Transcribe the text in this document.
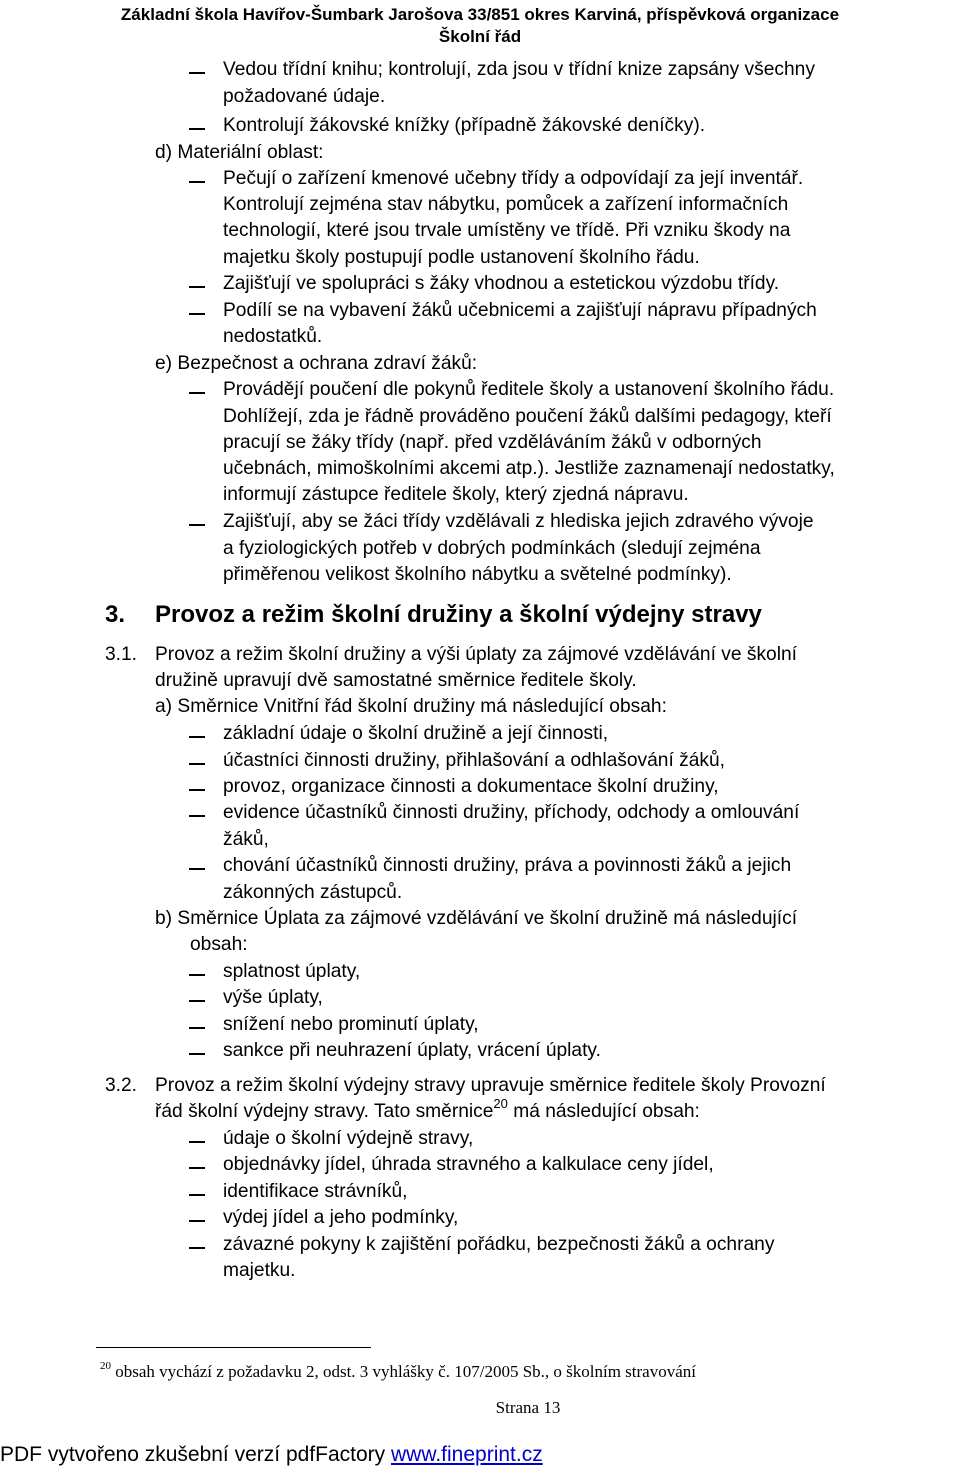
Základní škola Havířov-Šumbark Jarošova 33/851 okres Karviná, příspěvková organizace
Školní řád
Vedou třídní knihu; kontrolují, zda jsou v třídní knize zapsány všechny
požadované údaje.
Kontrolují žákovské knížky (případně žákovské deníčky).
d) Materiální oblast:
Pečují o zařízení kmenové učebny třídy a odpovídají za její inventář.
Kontrolují zejména stav nábytku, pomůcek a zařízení informačních
technologií, které jsou trvale umístěny ve třídě. Při vzniku škody na
majetku školy postupují podle ustanovení školního řádu.
Zajišťují ve spolupráci s žáky vhodnou a estetickou výzdobu třídy.
Podílí se na vybavení žáků učebnicemi a zajišťují nápravu případných
nedostatků.
e) Bezpečnost a ochrana zdraví žáků:
Provádějí poučení dle pokynů ředitele školy a ustanovení školního řádu.
Dohlížejí, zda je řádně prováděno poučení žáků dalšími pedagogy, kteří
pracují se žáky třídy (např. před vzděláváním žáků v odborných
učebnách, mimoškolními akcemi atp.). Jestliže zaznamenají nedostatky,
informují zástupce ředitele školy, který zjedná nápravu.
Zajišťují, aby se žáci třídy vzdělávali z hlediska jejich zdravého vývoje
a fyziologických potřeb v dobrých podmínkách (sledují zejména
přiměřenou velikost školního nábytku a světelné podmínky).
3. Provoz a režim školní družiny a školní výdejny stravy
3.1. Provoz a režim školní družiny a výši úplaty za zájmové vzdělávání ve školní
družině upravují dvě samostatné směrnice ředitele školy.
a) Směrnice Vnitřní řád školní družiny má následující obsah:
základní údaje o školní družině a její činnosti,
účastníci činnosti družiny, přihlašování a odhlašování žáků,
provoz, organizace činnosti a dokumentace školní družiny,
evidence účastníků činnosti družiny, příchody, odchody a omlouvání
žáků,
chování účastníků činnosti družiny, práva a povinnosti žáků a jejich
zákonných zástupců.
b) Směrnice Úplata za zájmové vzdělávání ve školní družině má následující
obsah:
splatnost úplaty,
výše úplaty,
snížení nebo prominutí úplaty,
sankce při neuhrazení úplaty, vrácení úplaty.
3.2. Provoz a režim školní výdejny stravy upravuje směrnice ředitele školy Provozní
řád školní výdejny stravy. Tato směrnice$^{20}$ má následující obsah:
údaje o školní výdejně stravy,
objednávky jídel, úhrada stravného a kalkulace ceny jídel,
identifikace strávníků,
výdej jídel a jeho podmínky,
závazné pokyny k zajištění pořádku, bezpečnosti žáků a ochrany
majetku.
$^{20}$ obsah vychází z požadavku 2, odst. 3 vyhlášky č. 107/2005 Sb., o školním stravování
Strana 13
PDF vytvořeno zkušební verzí pdfFactory www.fineprint.cz
